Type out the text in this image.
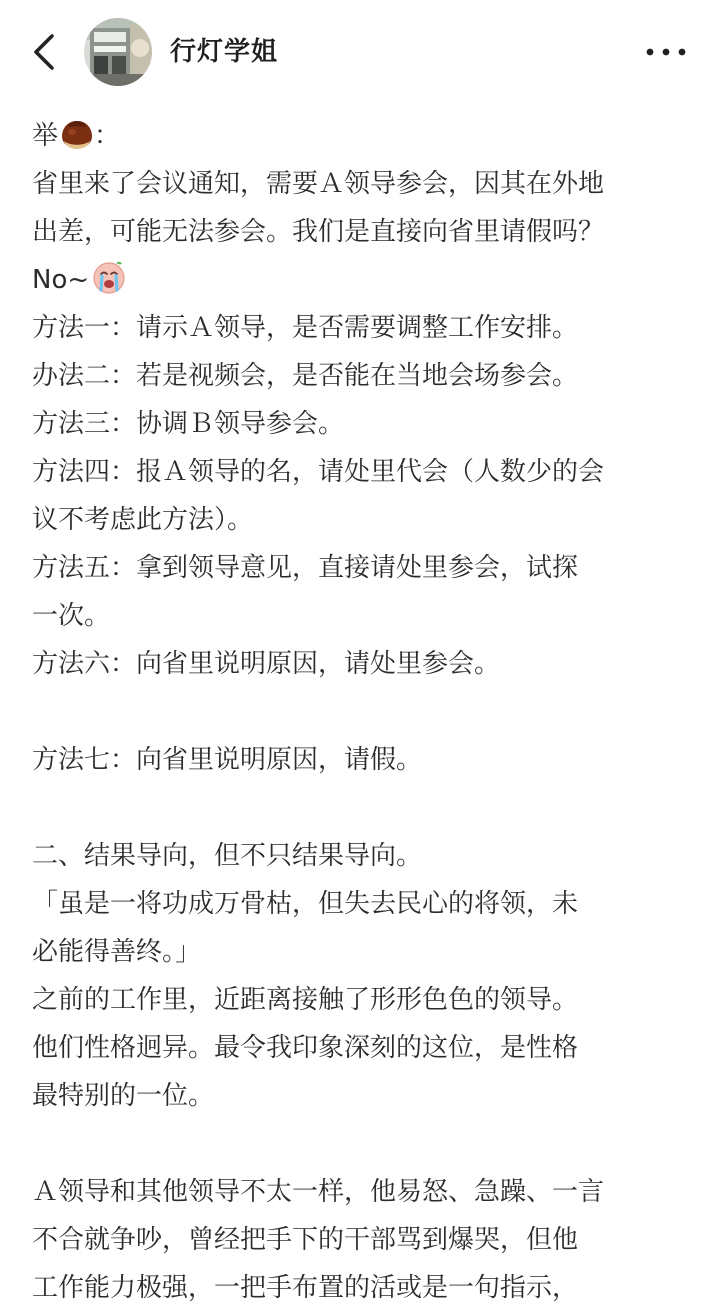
行灯学姐
举 ：
省里来了会议通知，需要Ａ领导参会，因其在外地
出差，可能无法参会。我们是直接向省里请假吗？
No~
方法一：请示Ａ领导，是否需要调整工作安排。
办法二：若是视频会，是否能在当地会场参会。
方法三：协调Ｂ领导参会。
方法四：报Ａ领导的名，请处里代会（人数少的会
议不考虑此方法）。
方法五：拿到领导意见，直接请处里参会，试探
一次。
方法六：向省里说明原因，请处里参会。
方法七：向省里说明原因，请假。
二、结果导向，但不只结果导向。
「虽是一将功成万骨枯，但失去民心的将领，未
必能得善终。」
之前的工作里，近距离接触了形形色色的领导。
他们性格迥异。最令我印象深刻的这位，是性格
最特别的一位。
Ａ领导和其他领导不太一样，他易怒、急躁、一言
不合就争吵，曾经把手下的干部骂到爆哭，但他
工作能力极强，一把手布置的活或是一句指示，
